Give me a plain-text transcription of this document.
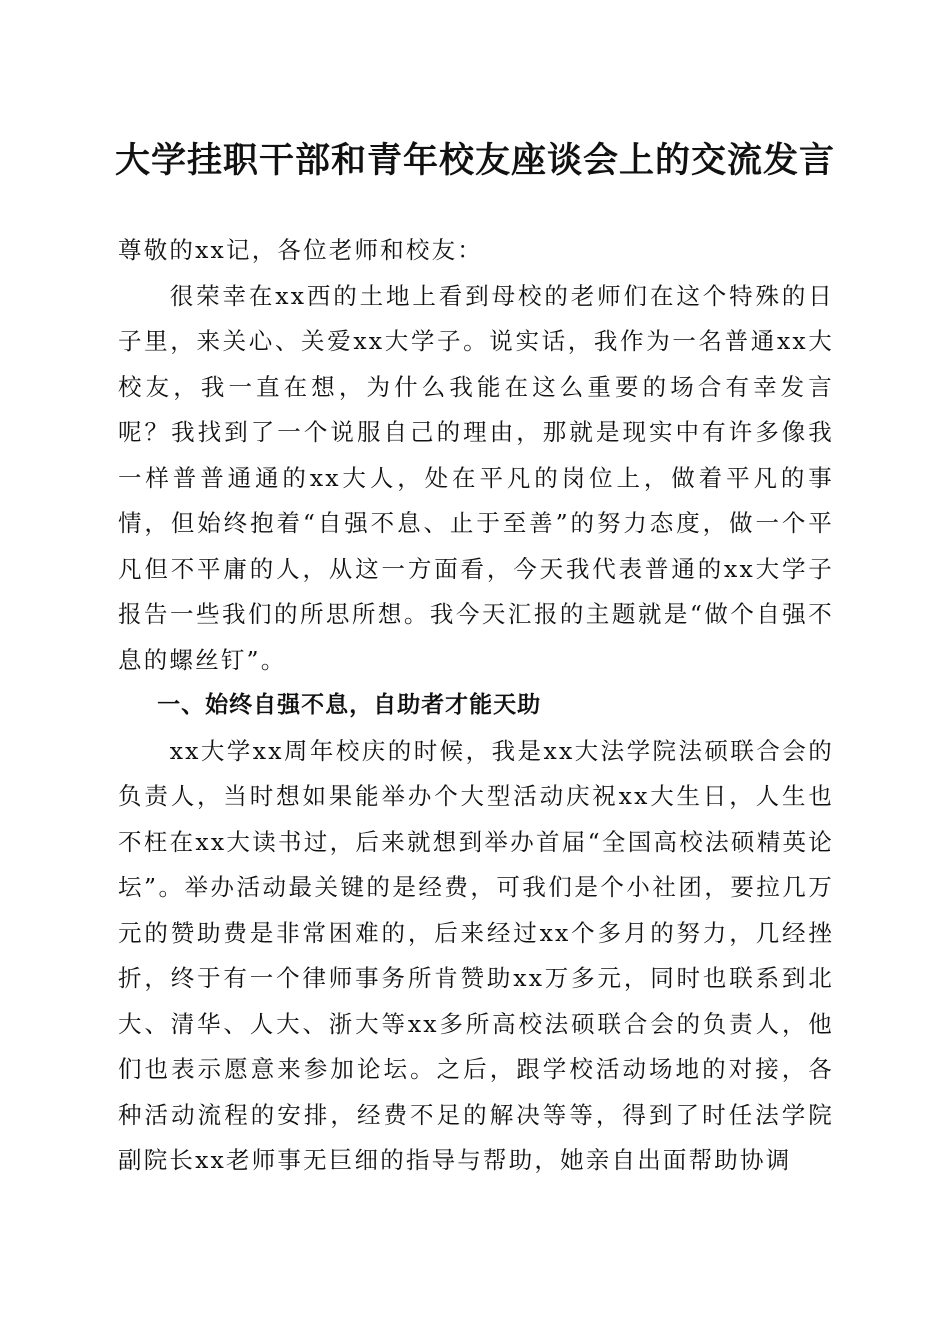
大学挂职干部和青年校友座谈会上的交流发言

尊敬的xx记，各位老师和校友：

很荣幸在xx西的土地上看到母校的老师们在这个特殊的日子里，来关心、关爱xx大学子。说实话，我作为一名普通xx大校友，我一直在想，为什么我能在这么重要的场合有幸发言呢？我找到了一个说服自己的理由，那就是现实中有许多像我一样普普通通的xx大人，处在平凡的岗位上，做着平凡的事情，但始终抱着“自强不息、止于至善”的努力态度，做一个平凡但不平庸的人，从这一方面看，今天我代表普通的xx大学子报告一些我们的所思所想。我今天汇报的主题就是“做个自强不息的螺丝钉”。

一、始终自强不息，自助者才能天助

xx大学xx周年校庆的时候，我是xx大法学院法硕联合会的负责人，当时想如果能举办个大型活动庆祝xx大生日，人生也不枉在xx大读书过，后来就想到举办首届“全国高校法硕精英论坛”。举办活动最关键的是经费，可我们是个小社团，要拉几万元的赞助费是非常困难的，后来经过xx个多月的努力，几经挫折，终于有一个律师事务所肯赞助xx万多元，同时也联系到北大、清华、人大、浙大等xx多所高校法硕联合会的负责人，他们也表示愿意来参加论坛。之后，跟学校活动场地的对接，各种活动流程的安排，经费不足的解决等等，得到了时任法学院副院长xx老师事无巨细的指导与帮助，她亲自出面帮助协调
